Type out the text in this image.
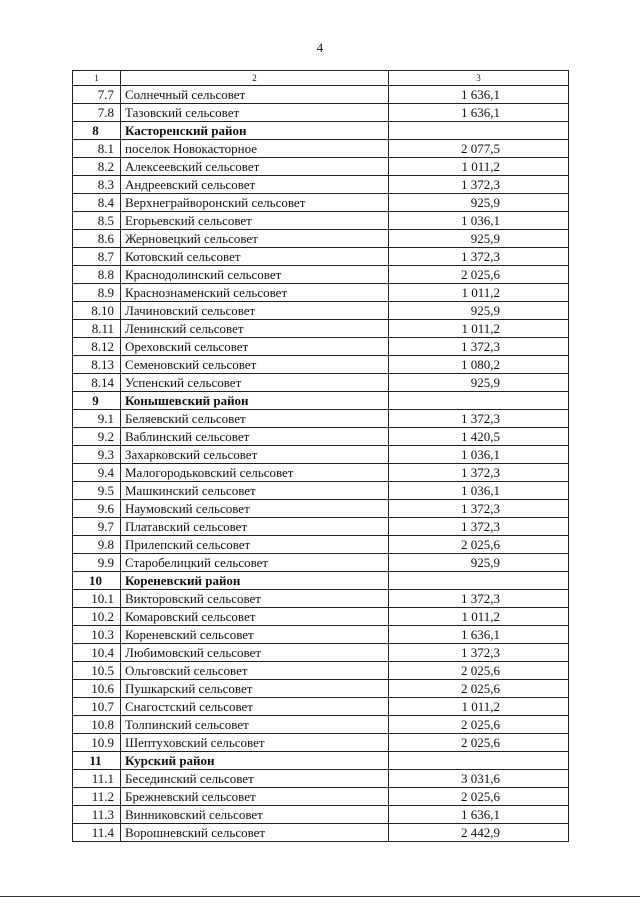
4
1	2	3
7.7	Солнечный сельсовет	1 636,1
7.8	Тазовский сельсовет	1 636,1
8	Касторенский район	
8.1	поселок Новокасторное	2 077,5
8.2	Алексеевский сельсовет	1 011,2
8.3	Андреевский сельсовет	1 372,3
8.4	Верхнеграйворонский сельсовет	925,9
8.5	Егорьевский сельсовет	1 036,1
8.6	Жерновецкий сельсовет	925,9
8.7	Котовский сельсовет	1 372,3
8.8	Краснодолинский сельсовет	2 025,6
8.9	Краснознаменский сельсовет	1 011,2
8.10	Лачиновский сельсовет	925,9
8.11	Ленинский сельсовет	1 011,2
8.12	Ореховский сельсовет	1 372,3
8.13	Семеновский сельсовет	1 080,2
8.14	Успенский сельсовет	925,9
9	Конышевский район	
9.1	Беляевский сельсовет	1 372,3
9.2	Ваблинский сельсовет	1 420,5
9.3	Захарковский сельсовет	1 036,1
9.4	Малогородьковский сельсовет	1 372,3
9.5	Машкинский сельсовет	1 036,1
9.6	Наумовский сельсовет	1 372,3
9.7	Платавский сельсовет	1 372,3
9.8	Прилепский сельсовет	2 025,6
9.9	Старобелицкий сельсовет	925,9
10	Кореневский район	
10.1	Викторовский сельсовет	1 372,3
10.2	Комаровский сельсовет	1 011,2
10.3	Кореневский сельсовет	1 636,1
10.4	Любимовский сельсовет	1 372,3
10.5	Ольговский сельсовет	2 025,6
10.6	Пушкарский сельсовет	2 025,6
10.7	Снагостский сельсовет	1 011,2
10.8	Толпинский сельсовет	2 025,6
10.9	Шептуховский сельсовет	2 025,6
11	Курский район	
11.1	Бесединский сельсовет	3 031,6
11.2	Брежневский сельсовет	2 025,6
11.3	Винниковский сельсовет	1 636,1
11.4	Ворошневский сельсовет	2 442,9
